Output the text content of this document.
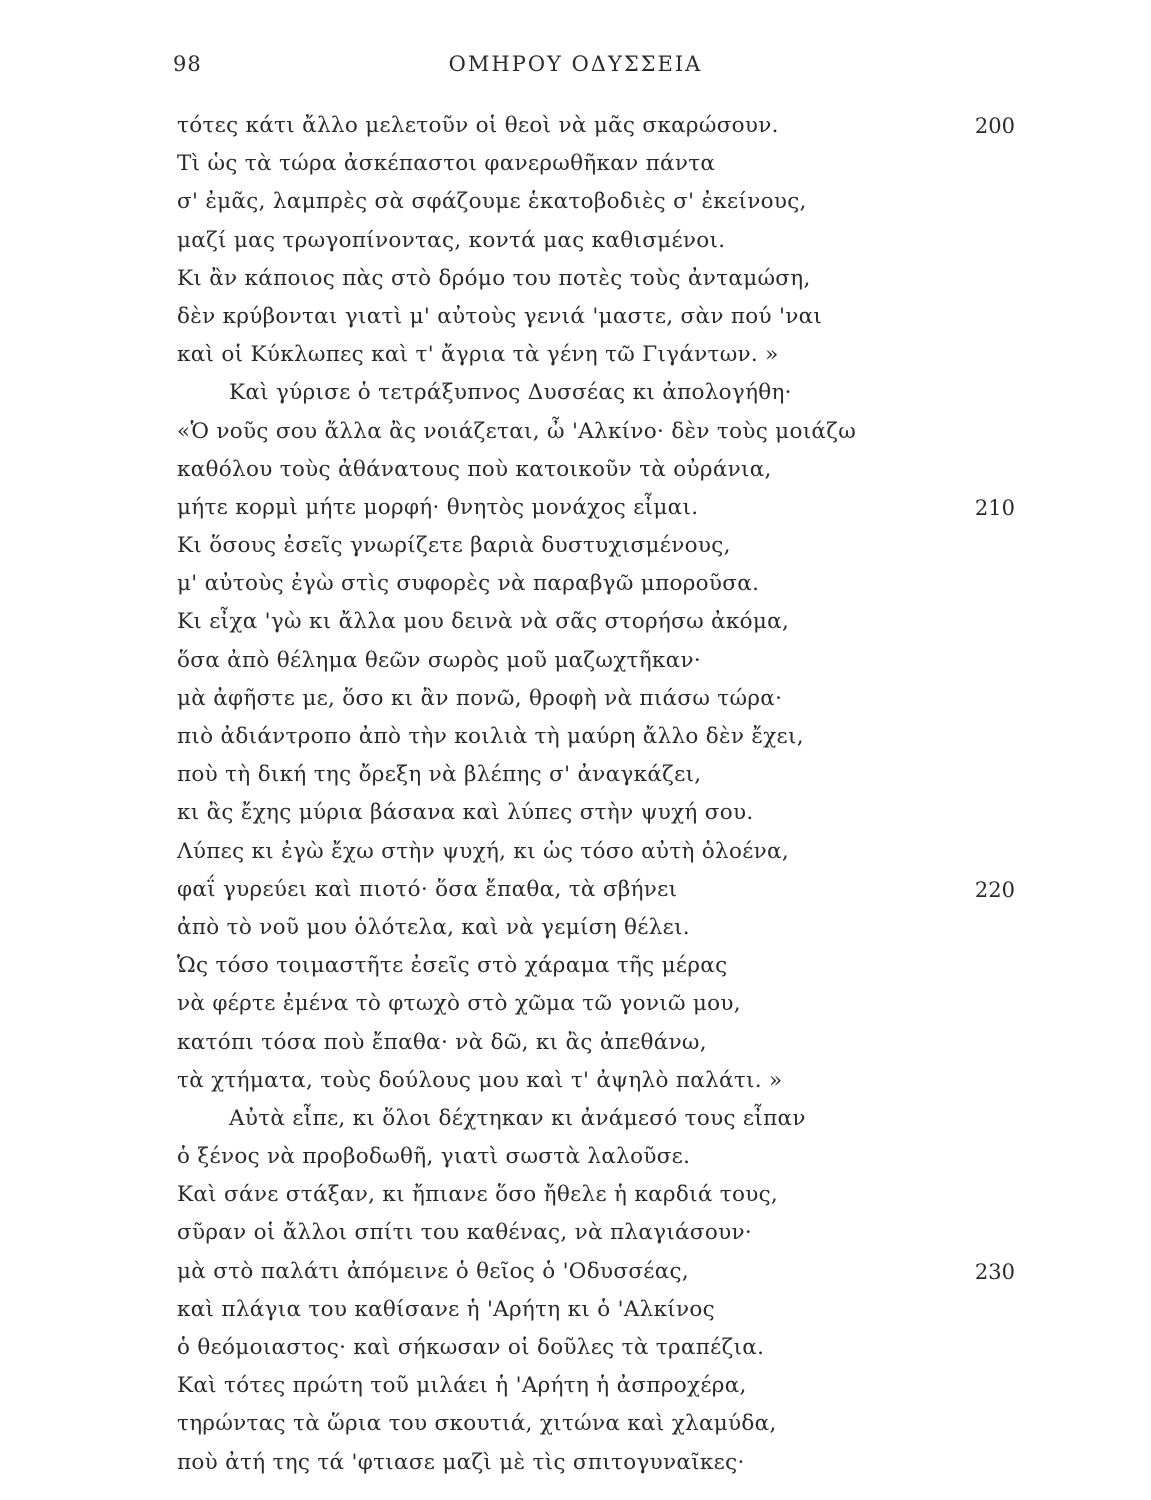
98	ΟΜΗΡΟΥ ΟΔΥΣΣΕΙΑ
τότες κάτι ἄλλο μελετοῦν οἱ θεοὶ νὰ μᾶς σκαρώσουν.	200
Τὶ ὡς τὰ τώρα ἀσκέπαστοι φανερωθῆκαν πάντα
σ' ἐμᾶς, λαμπρὲς σὰ σφάζουμε ἑκατοβοδιὲς σ' ἐκείνους,
μαζί μας τρωγοπίνοντας, κοντά μας καθισμένοι.
Κι ἂν κάποιος πὰς στὸ δρόμο του ποτὲς τοὺς ἀνταμώση,
δὲν κρύβονται γιατὶ μ' αὐτοὺς γενιά 'μαστε, σὰν πού 'ναι
καὶ οἱ Κύκλωπες καὶ τ' ἄγρια τὰ γένη τῶ Γιγάντων. »
Καὶ γύρισε ὁ τετράξυπνος Δυσσέας κι ἀπολογήθη·
«Ὁ νοῦς σου ἄλλα ἂς νοιάζεται, ὦ 'Αλκίνο· δὲν τοὺς μοιάζω
καθόλου τοὺς ἀθάνατους ποὺ κατοικοῦν τὰ οὐράνια,
μήτε κορμὶ μήτε μορφή· θνητὸς μονάχος εἶμαι.	210
Κι ὅσους ἐσεῖς γνωρίζετε βαριὰ δυστυχισμένους,
μ' αὐτοὺς ἐγὼ στὶς συφορὲς νὰ παραβγῶ μποροῦσα.
Κι εἶχα 'γὼ κι ἄλλα μου δεινὰ νὰ σᾶς στορήσω ἀκόμα,
ὅσα ἀπὸ θέλημα θεῶν σωρὸς μοῦ μαζωχτῆκαν·
μὰ ἀφῆστε με, ὅσο κι ἂν πονῶ, θροφὴ νὰ πιάσω τώρα·
πιὸ ἀδιάντροπο ἀπὸ τὴν κοιλιὰ τὴ μαύρη ἄλλο δὲν ἔχει,
ποὺ τὴ δική της ὄρεξη νὰ βλέπης σ' ἀναγκάζει,
κι ἂς ἔχης μύρια βάσανα καὶ λύπες στὴν ψυχή σου.
Λύπες κι ἐγὼ ἔχω στὴν ψυχή, κι ὡς τόσο αὐτὴ ὁλοένα,
φαΐ γυρεύει καὶ πιοτό· ὅσα ἔπαθα, τὰ σβήνει	220
ἀπὸ τὸ νοῦ μου ὁλότελα, καὶ νὰ γεμίση θέλει.
Ὡς τόσο τοιμαστῆτε ἐσεῖς στὸ χάραμα τῆς μέρας
νὰ φέρτε ἐμένα τὸ φτωχὸ στὸ χῶμα τῶ γονιῶ μου,
κατόπι τόσα ποὺ ἔπαθα· νὰ δῶ, κι ἂς ἀπεθάνω,
τὰ χτήματα, τοὺς δούλους μου καὶ τ' ἀψηλὸ παλάτι. »
Αὐτὰ εἶπε, κι ὅλοι δέχτηκαν κι ἀνάμεσό τους εἶπαν
ὁ ξένος νὰ προβοδωθῆ, γιατὶ σωστὰ λαλοῦσε.
Καὶ σάνε στάξαν, κι ἤπιανε ὅσο ἤθελε ἡ καρδιά τους,
σῦραν οἱ ἄλλοι σπίτι του καθένας, νὰ πλαγιάσουν·
μὰ στὸ παλάτι ἀπόμεινε ὁ θεῖος ὁ 'Οδυσσέας,	230
καὶ πλάγια του καθίσανε ἡ 'Αρήτη κι ὁ 'Αλκίνος
ὁ θεόμοιαστος· καὶ σήκωσαν οἱ δοῦλες τὰ τραπέζια.
Καὶ τότες πρώτη τοῦ μιλάει ἡ 'Αρήτη ἡ ἀσπροχέρα,
τηρώντας τὰ ὥρια του σκουτιά, χιτώνα καὶ χλαμύδα,
ποὺ ἀτή της τά 'φτιασε μαζὶ μὲ τὶς σπιτογυναῖκες·
